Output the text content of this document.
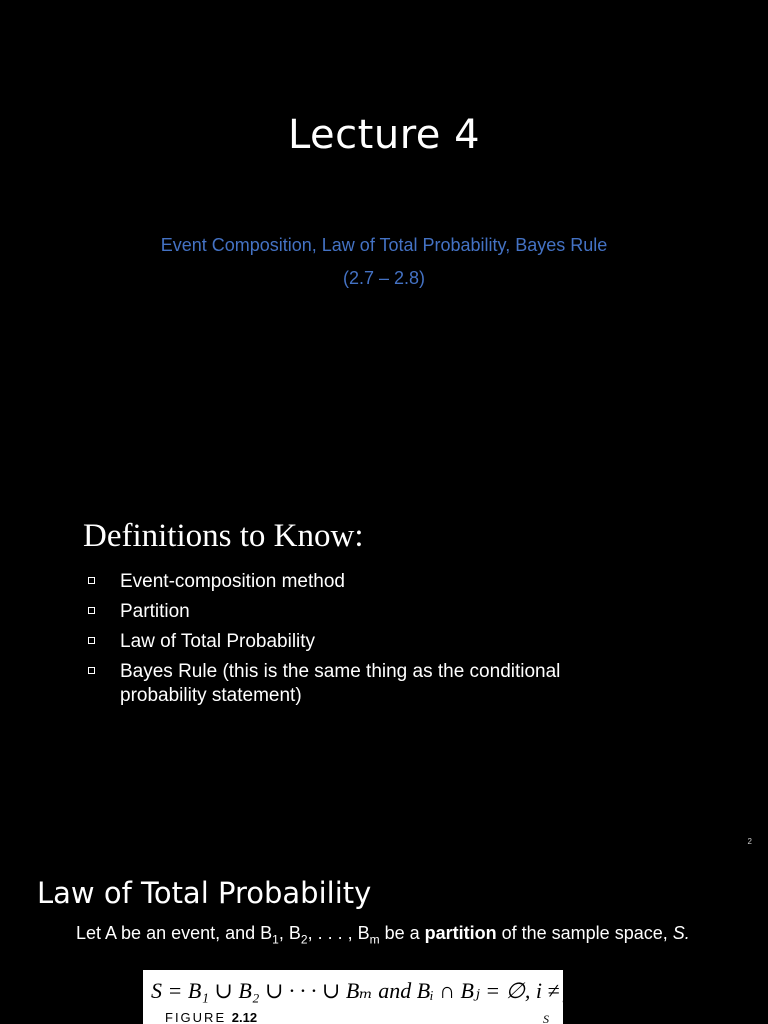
Lecture 4
Event Composition, Law of Total Probability, Bayes Rule
(2.7 – 2.8)
Definitions to Know:
Event-composition method
Partition
Law of Total Probability
Bayes Rule (this is the same thing as the conditional probability statement)
2
Law of Total Probability
Let A be an event, and $B_1$, $B_2$, . . . , $B_m$ be a partition of the sample space, S.
S = B₁ ∪ B₂ ∪ · · · ∪ Bₘ and Bᵢ ∩ Bⱼ = ∅, i ≠ j.
FIGURE 2.12	S
